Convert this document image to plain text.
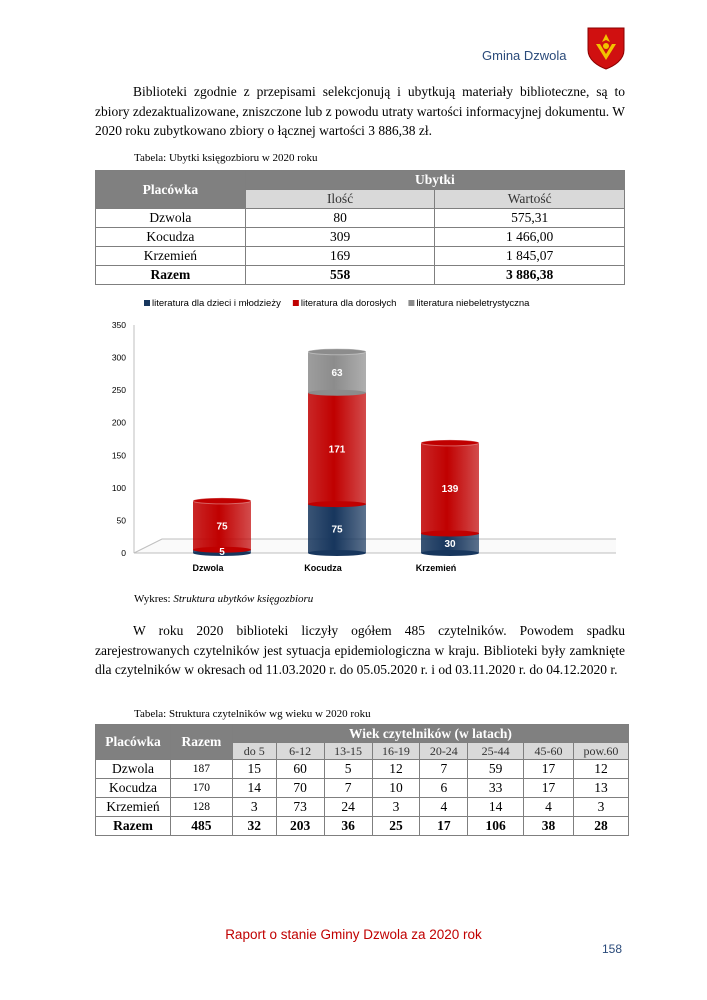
Gmina Dzwola
Biblioteki zgodnie z przepisami selekcjonują i ubytkują materiały biblioteczne, są to zbiory zdezaktualizowane, zniszczone lub z powodu utraty wartości informacyjnej dokumentu. W 2020 roku zubytkowano zbiory o łącznej wartości 3 886,38 zł.
Tabela: Ubytki księgozbioru w 2020 roku
Placówka	Ubytki	
	Ilość	Wartość
Dzwola	80	575,31
Kocudza	309	1 466,00
Krzemień	169	1 845,07
Razem	558	3 886,38
Wykres: Struktura ubytków księgozbioru
literatura dla dzieci i młodzieży literatura dla dorosłych literatura niebeletrystyczna
0
50
100
150
200
250
300
350
5
75
Dzwola
75
171
63
Kocudza
30
139
Krzemień
W roku 2020 biblioteki liczyły ogółem 485 czytelników. Powodem spadku zarejestrowanych czytelników jest sytuacja epidemiologiczna w kraju. Biblioteki były zamknięte dla czytelników w okresach od 11.03.2020 r. do 05.05.2020 r. i od 03.11.2020 r. do 04.12.2020 r.
Tabela: Struktura czytelników wg wieku w 2020 roku
Placówka	Razem	Wiek czytelników (w latach)							
		do 5	6-12	13-15	16-19	20-24	25-44	45-60	pow.60
Dzwola	187	15	60	5	12	7	59	17	12
Kocudza	170	14	70	7	10	6	33	17	13
Krzemień	128	3	73	24	3	4	14	4	3
Razem	485	32	203	36	25	17	106	38	28
Raport o stanie Gminy Dzwola za 2020 rok
158
